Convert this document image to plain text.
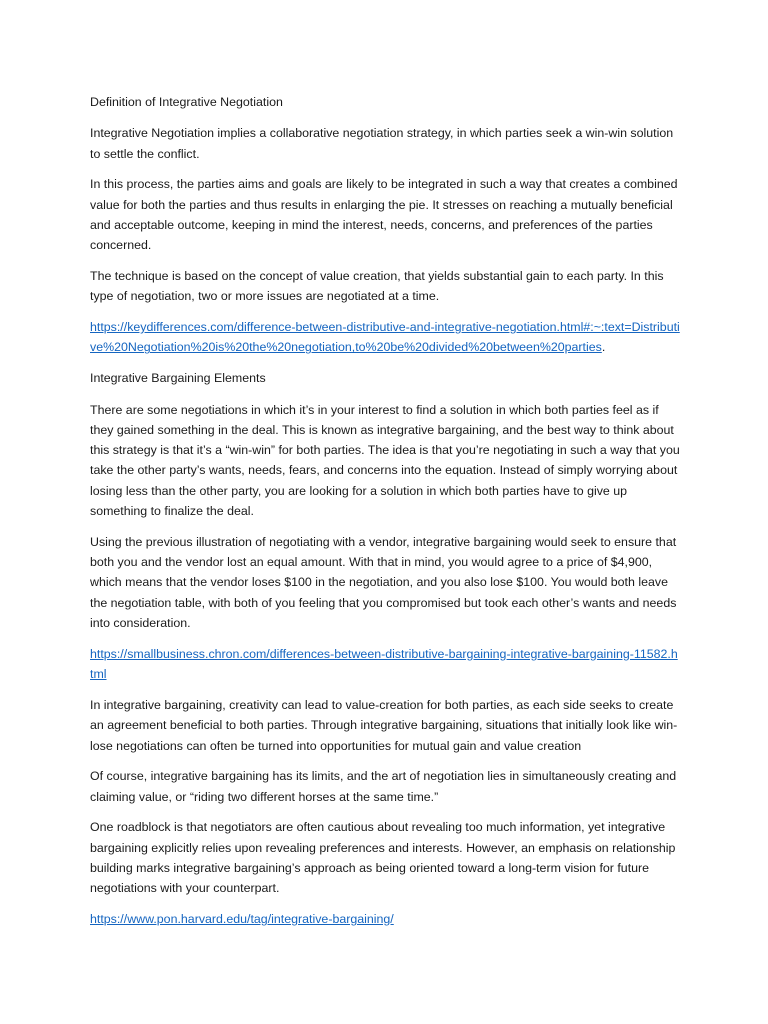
Definition of Integrative Negotiation

Integrative Negotiation implies a collaborative negotiation strategy, in which parties seek a win-win solution to settle the conflict.

In this process, the parties aims and goals are likely to be integrated in such a way that creates a combined value for both the parties and thus results in enlarging the pie. It stresses on reaching a mutually beneficial and acceptable outcome, keeping in mind the interest, needs, concerns, and preferences of the parties concerned.

The technique is based on the concept of value creation, that yields substantial gain to each party. In this type of negotiation, two or more issues are negotiated at a time.

https://keydifferences.com/difference-between-distributive-and-integrative-negotiation.html#:~:text=Distributive%20Negotiation%20is%20the%20negotiation,to%20be%20divided%20between%20parties.

Integrative Bargaining Elements

There are some negotiations in which it’s in your interest to find a solution in which both parties feel as if they gained something in the deal. This is known as integrative bargaining, and the best way to think about this strategy is that it’s a “win-win” for both parties. The idea is that you’re negotiating in such a way that you take the other party’s wants, needs, fears, and concerns into the equation. Instead of simply worrying about losing less than the other party, you are looking for a solution in which both parties have to give up something to finalize the deal.

Using the previous illustration of negotiating with a vendor, integrative bargaining would seek to ensure that both you and the vendor lost an equal amount. With that in mind, you would agree to a price of $4,900, which means that the vendor loses $100 in the negotiation, and you also lose $100. You would both leave the negotiation table, with both of you feeling that you compromised but took each other’s wants and needs into consideration.

https://smallbusiness.chron.com/differences-between-distributive-bargaining-integrative-bargaining-11582.html

In integrative bargaining, creativity can lead to value-creation for both parties, as each side seeks to create an agreement beneficial to both parties. Through integrative bargaining, situations that initially look like win-lose negotiations can often be turned into opportunities for mutual gain and value creation

Of course, integrative bargaining has its limits, and the art of negotiation lies in simultaneously creating and claiming value, or “riding two different horses at the same time.”

One roadblock is that negotiators are often cautious about revealing too much information, yet integrative bargaining explicitly relies upon revealing preferences and interests. However, an emphasis on relationship building marks integrative bargaining’s approach as being oriented toward a long-term vision for future negotiations with your counterpart.

https://www.pon.harvard.edu/tag/integrative-bargaining/
